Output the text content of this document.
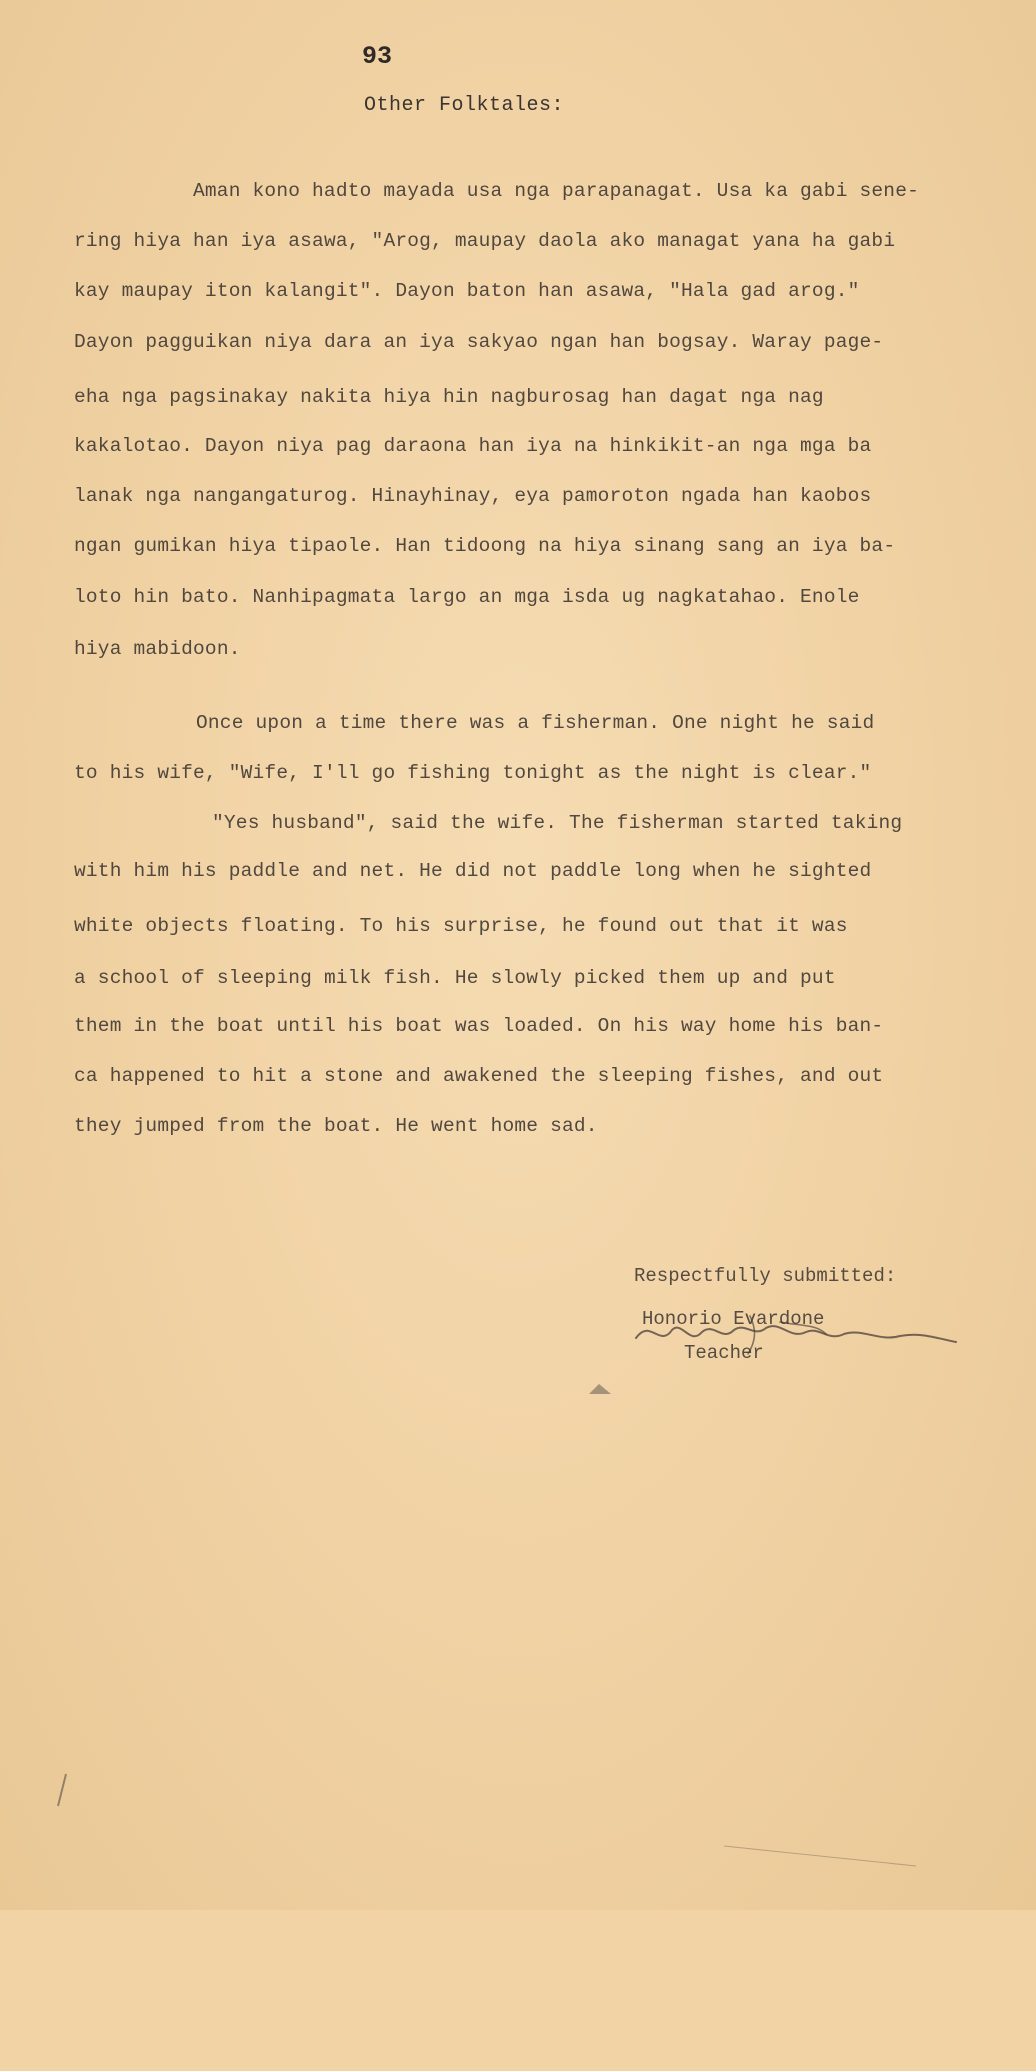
93
Other Folktales:
Aman kono hadto mayada usa nga parapanagat. Usa ka gabi sene-
ring hiya han iya asawa, "Arog, maupay daola ako managat yana ha gabi
kay maupay iton kalangit". Dayon baton han asawa, "Hala gad arog."
Dayon pagguikan niya dara an iya sakyao ngan han bogsay. Waray page-
eha nga pagsinakay nakita hiya hin nagburosag han dagat nga nag
kakalotao. Dayon niya pag daraona han iya na hinkikit-an nga mga ba
lanak nga nangangaturog. Hinayhinay, eya pamoroton ngada han kaobos
ngan gumikan hiya tipaole. Han tidoong na hiya sinang sang an iya ba-
loto hin bato. Nanhipagmata largo an mga isda ug nagkatahao. Enole
hiya mabidoon.
Once upon a time there was a fisherman. One night he said
to his wife, "Wife, I'll go fishing tonight as the night is clear."
"Yes husband", said the wife. The fisherman started taking
with him his paddle and net. He did not paddle long when he sighted
white objects floating. To his surprise, he found out that it was
a school of sleeping milk fish. He slowly picked them up and put
them in the boat until his boat was loaded. On his way home his ban-
ca happened to hit a stone and awakened the sleeping fishes, and out
they jumped from the boat. He went home sad.
Respectfully submitted:
Honorio Evardone
Teacher
